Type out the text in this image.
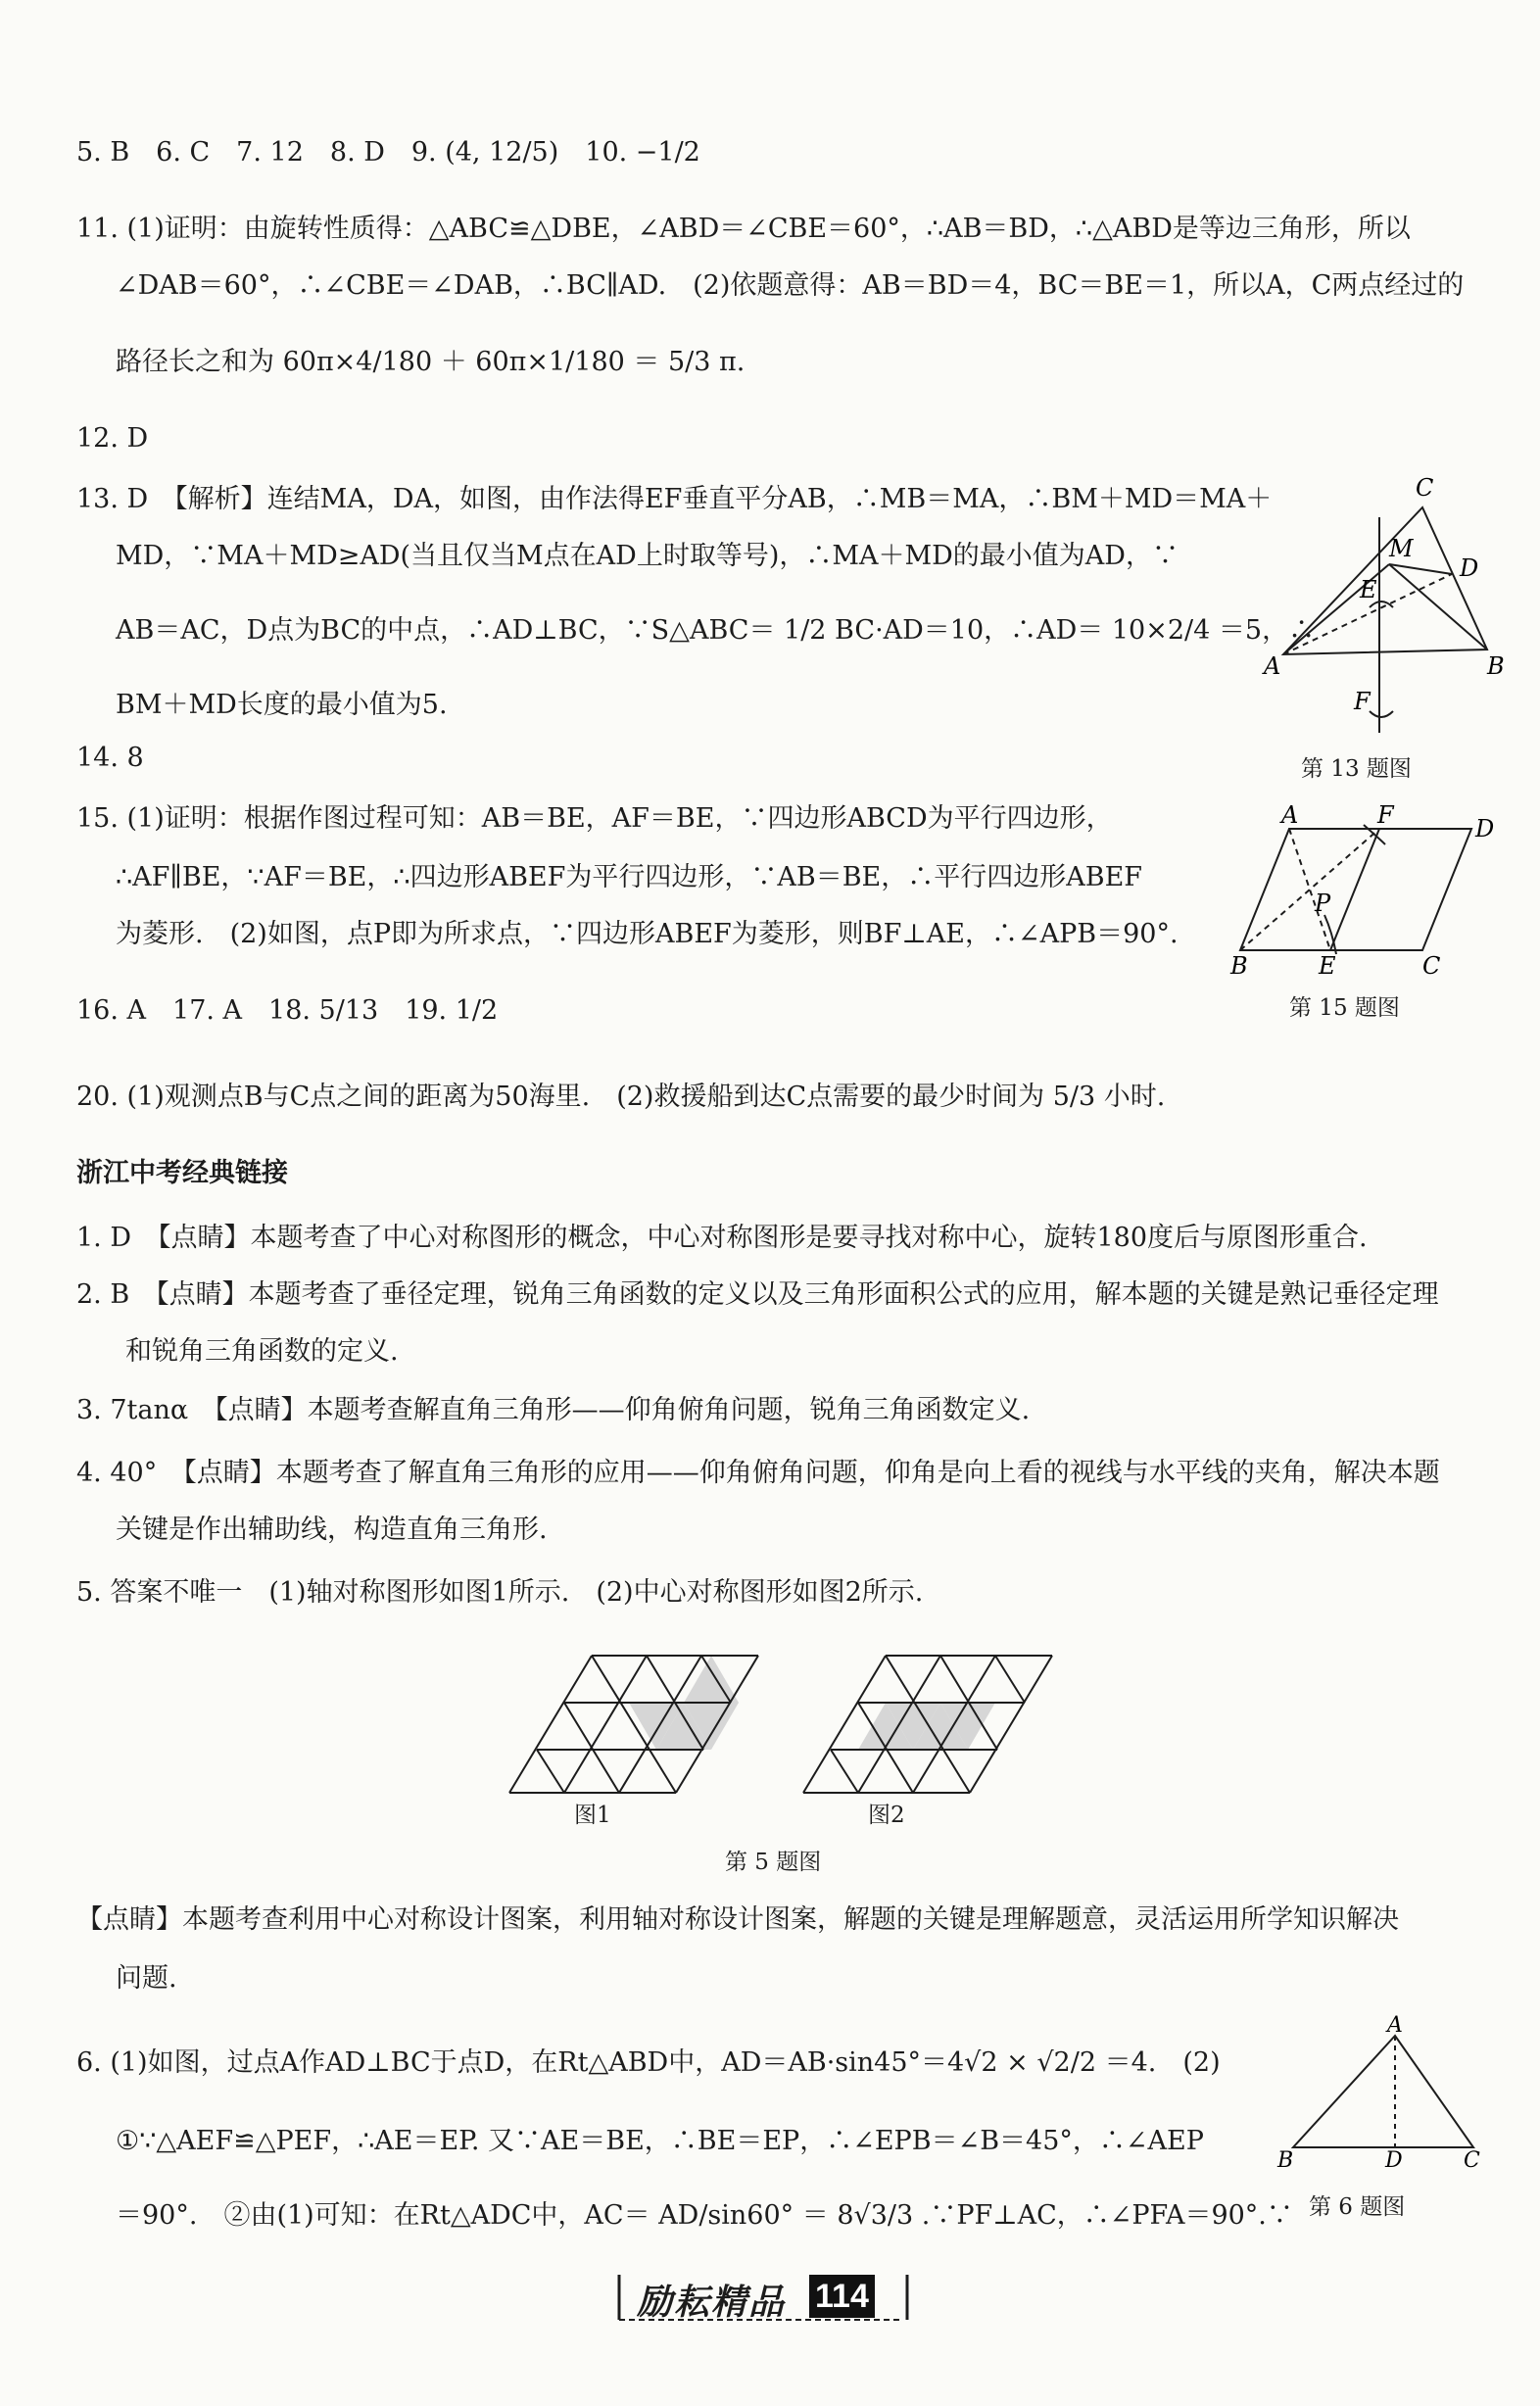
5. B　6. C　7. 12　8. D　9. (4, 12/5)　10. −1/2
11. (1)证明：由旋转性质得：△ABC≌△DBE，∠ABD＝∠CBE＝60°，∴AB＝BD，∴△ABD是等边三角形，所以
∠DAB＝60°，∴∠CBE＝∠DAB，∴BC∥AD.　(2)依题意得：AB＝BD＝4，BC＝BE＝1，所以A，C两点经过的
路径长之和为 60π×4/180 ＋ 60π×1/180 ＝ 5/3 π.
12. D
13. D　【解析】连结MA，DA，如图，由作法得EF垂直平分AB，∴MB＝MA，∴BM＋MD＝MA＋
MD，∵MA＋MD≥AD(当且仅当M点在AD上时取等号)，∴MA＋MD的最小值为AD，∵
AB＝AC，D点为BC的中点，∴AD⊥BC，∵S△ABC＝ 1/2 BC·AD＝10，∴AD＝ 10×2/4 ＝5，∴
BM＋MD长度的最小值为5.
C
M
D
E
A	B
F
第 13 题图
14. 8
15. (1)证明：根据作图过程可知：AB＝BE，AF＝BE，∵四边形ABCD为平行四边形，
∴AF∥BE，∵AF＝BE，∴四边形ABEF为平行四边形，∵AB＝BE，∴平行四边形ABEF
为菱形.　(2)如图，点P即为所求点，∵四边形ABEF为菱形，则BF⊥AE，∴∠APB＝90°.
A	F	D
P
B	E	C
第 15 题图
16. A　17. A　18. 5/13　19. 1/2
20. (1)观测点B与C点之间的距离为50海里.　(2)救援船到达C点需要的最少时间为 5/3 小时.
浙江中考经典链接
1. D　【点睛】本题考查了中心对称图形的概念，中心对称图形是要寻找对称中心，旋转180度后与原图形重合.
2. B　【点睛】本题考查了垂径定理，锐角三角函数的定义以及三角形面积公式的应用，解本题的关键是熟记垂径定理
和锐角三角函数的定义.
3. 7tanα　【点睛】本题考查解直角三角形——仰角俯角问题，锐角三角函数定义.
4. 40°　【点睛】本题考查了解直角三角形的应用——仰角俯角问题，仰角是向上看的视线与水平线的夹角，解决本题
关键是作出辅助线，构造直角三角形.
5. 答案不唯一　(1)轴对称图形如图1所示.　(2)中心对称图形如图2所示.
图1	图2
第 5 题图
【点睛】本题考查利用中心对称设计图案，利用轴对称设计图案，解题的关键是理解题意，灵活运用所学知识解决
问题.
6. (1)如图，过点A作AD⊥BC于点D，在Rt△ABD中，AD＝AB·sin45°＝4√2 × √2/2 ＝4.　(2)
①∵△AEF≌△PEF，∴AE＝EP. 又∵AE＝BE，∴BE＝EP，∴∠EPB＝∠B＝45°，∴∠AEP
＝90°.　②由(1)可知：在Rt△ADC中，AC＝ AD/sin60° ＝ 8√3/3 .∵PF⊥AC，∴∠PFA＝90°.∵
A
B	D	C
第 6 题图
励耘精品 114
